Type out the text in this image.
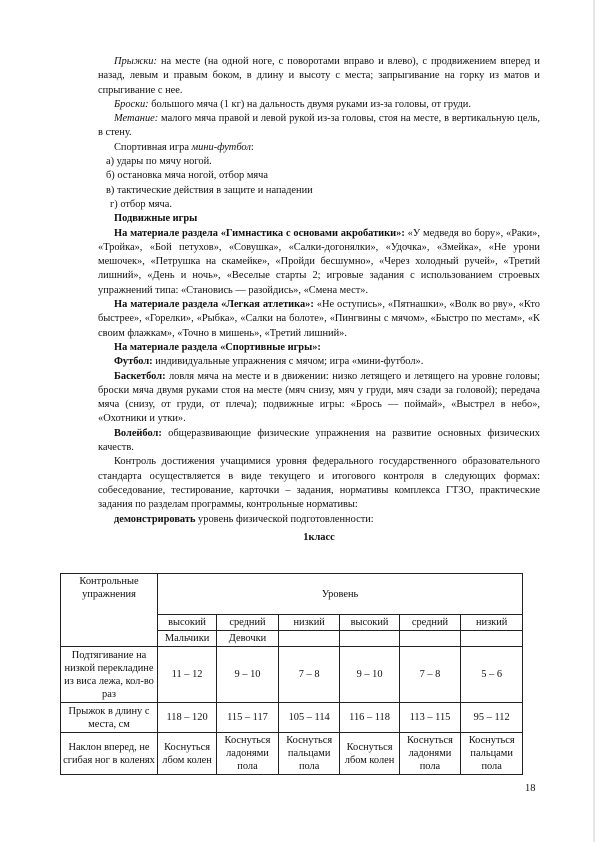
Прыжки: на месте (на одной ноге, с поворотами вправо и влево), с продвижением вперед и назад, левым и правым боком, в длину и высоту с места; запрыгивание на горку из матов и спрыгивание с нее.

Броски: большого мяча (1 кг) на дальность двумя руками из-за головы, от груди.

Метание: малого мяча правой и левой рукой из-за головы, стоя на месте, в вертикальную цель, в стену.

Спортивная игра мини-футбол:

а) удары по мячу ногой.

б) остановка мяча ногой, отбор мяча

в) тактические действия в защите и нападении

г) отбор мяча.

Подвижные игры

На материале раздела «Гимнастика с основами акробатики»: «У медведя во бору», «Раки», «Тройка», «Бой петухов», «Совушка», «Салки-догонялки», «Удочка», «Змейка», «Не урони мешочек», «Петрушка на скамейке», «Пройди бесшумно», «Через холодный ручей», «Третий лишний», «День и ночь», «Веселые старты 2; игровые задания с использованием строевых упражнений типа: «Становись — разойдись», «Смена мест».

На материале раздела «Легкая атлетика»: «Не оступись», «Пятнашки», «Волк во рву», «Кто быстрее», «Горелки», «Рыбка», «Салки на болоте», «Пингвины с мячом», «Быстро по местам», «К своим флажкам», «Точно в мишень», «Третий лишний».

На материале раздела «Спортивные игры»:

Футбол: индивидуальные упражнения с мячом; игра «мини-футбол».

Баскетбол: ловля мяча на месте и в движении: низко летящего и летящего на уровне головы; броски мяча двумя руками стоя на месте (мяч снизу, мяч у груди, мяч сзади за головой); передача мяча (снизу, от груди, от плеча); подвижные игры: «Брось — поймай», «Выстрел в небо», «Охотники и утки».

Волейбол: общеразвивающие физические упражнения на развитие основных физических качеств.

Контроль достижения учащимися уровня федерального государственного образовательного стандарта осуществляется в виде текущего и итогового контроля в следующих формах: собеседование, тестирование, карточки – задания, нормативы комплекса ГТЗО, практические задания по разделам программы, контрольные нормативы:

демонстрировать уровень физической подготовленности:

1класс

Контрольные упражнения	Уровень					
	высокий	средний	низкий	высокий	средний	низкий
	Мальчики	Девочки				
Подтягивание на низкой перекладине из виса лежа, кол-во раз	11 – 12	9 – 10	7 – 8	9 – 10	7 – 8	5 – 6
Прыжок в длину с места, см	118 – 120	115 – 117	105 – 114	116 – 118	113 – 115	95 – 112
Наклон вперед, не сгибая ног в коленях	Коснуться лбом колен	Коснуться ладонями пола	Коснуться пальцами пола	Коснуться лбом колен	Коснуться ладонями пола	Коснуться пальцами пола
18
